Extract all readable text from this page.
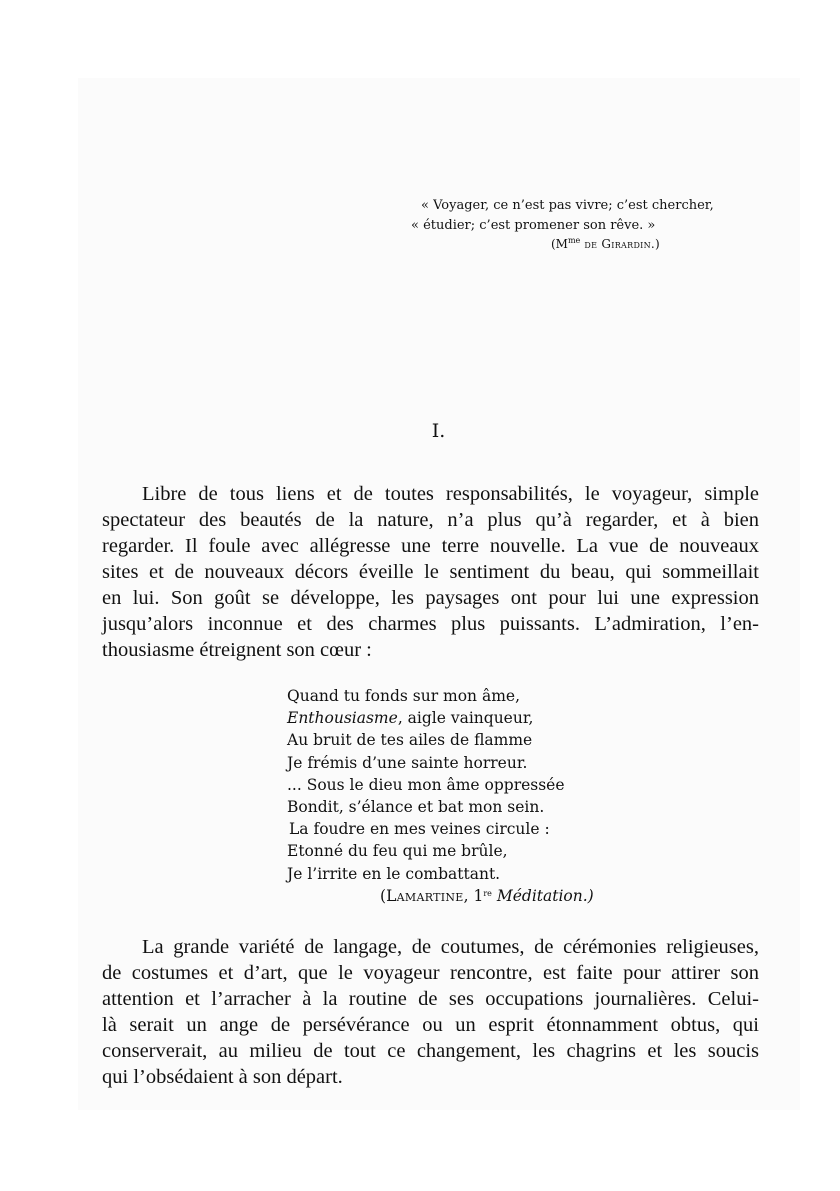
« Voyager, ce n’est pas vivre; c’est chercher,
« étudier; c’est promener son rêve. »
($M^{me}$ de Girardin.)
I.
Libre de tous liens et de toutes responsabilités, le voyageur, simple
spectateur des beautés de la nature, n’a plus qu’à regarder, et à bien
regarder. Il foule avec allégresse une terre nouvelle. La vue de nouveaux
sites et de nouveaux décors éveille le sentiment du beau, qui sommeillait
en lui. Son goût se développe, les paysages ont pour lui une expression
jusqu’alors inconnue et des charmes plus puissants. L’admiration, l’en-
thousiasme étreignent son cœur :
Quand tu fonds sur mon âme,
Enthousiasme, aigle vainqueur,
Au bruit de tes ailes de flamme
Je frémis d’une sainte horreur.
... Sous le dieu mon âme oppressée
Bondit, s’élance et bat mon sein.
La foudre en mes veines circule :
Etonné du feu qui me brûle,
Je l’irrite en le combattant.
(Lamartine, 1re Méditation.)
La grande variété de langage, de coutumes, de cérémonies religieuses,
de costumes et d’art, que le voyageur rencontre, est faite pour attirer son
attention et l’arracher à la routine de ses occupations journalières. Celui-
là serait un ange de persévérance ou un esprit étonnamment obtus, qui
conserverait, au milieu de tout ce changement, les chagrins et les soucis
qui l’obsédaient à son départ.
